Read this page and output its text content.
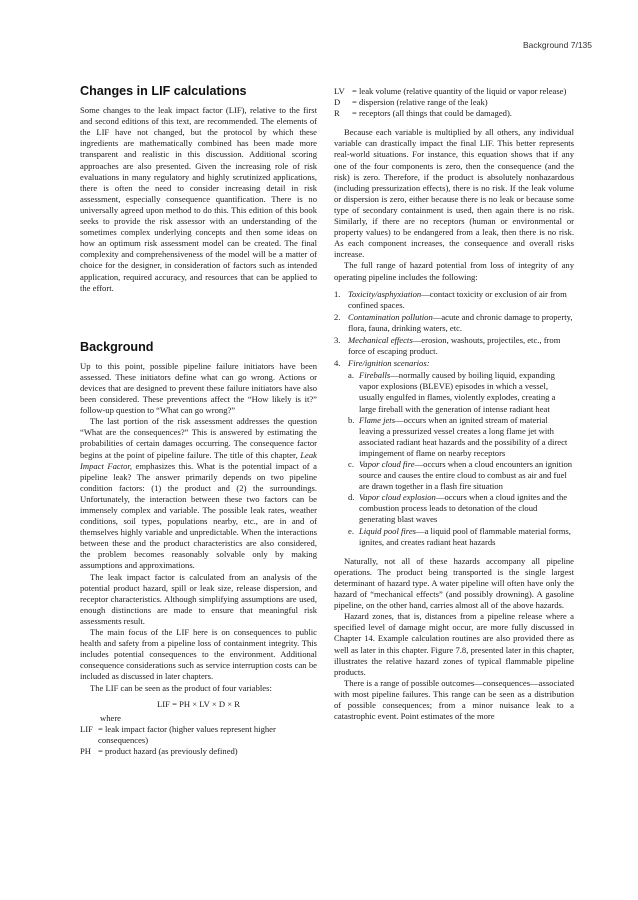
Background 7/135
Changes in LIF calculations

Some changes to the leak impact factor (LIF), relative to the first and second editions of this text, are recommended. The elements of the LIF have not changed, but the protocol by which these ingredients are mathematically combined has been made more transparent and realistic in this discussion. Additional scoring approaches are also presented. Given the increasing role of risk evaluations in many regulatory and highly scrutinized applications, there is often the need to consider increasing detail in risk assessment, especially consequence quantification. There is no universally agreed upon method to do this. This edition of this book seeks to provide the risk assessor with an understanding of the sometimes complex underlying concepts and then some ideas on how an optimum risk assessment model can be created. The final complexity and comprehensiveness of the model will be a matter of choice for the designer, in consideration of factors such as intended application, required accuracy, and resources that can be applied to the effort.

Background

Up to this point, possible pipeline failure initiators have been assessed. These initiators define what can go wrong. Actions or devices that are designed to prevent these failure initiators have also been considered. These preventions affect the “How likely is it?” follow-up question to “What can go wrong?”

The last portion of the risk assessment addresses the question “What are the consequences?” This is answered by estimating the probabilities of certain damages occurring. The consequence factor begins at the point of pipeline failure. The title of this chapter, Leak Impact Factor, emphasizes this. What is the potential impact of a pipeline leak? The answer primarily depends on two pipeline condition factors: (1) the product and (2) the surroundings. Unfortunately, the interaction between these two factors can be immensely complex and variable. The possible leak rates, weather conditions, soil types, populations nearby, etc., are in and of themselves highly variable and unpredictable. When the interactions between these and the product characteristics are also considered, the problem becomes reasonably solvable only by making assumptions and approximations.

The leak impact factor is calculated from an analysis of the potential product hazard, spill or leak size, release dispersion, and receptor characteristics. Although simplifying assumptions are used, enough distinctions are made to ensure that meaningful risk assessments result.

The main focus of the LIF here is on consequences to public health and safety from a pipeline loss of containment integrity. This includes potential consequences to the environment. Additional consequence considerations such as service interruption costs can be included as discussed in later chapters.

The LIF can be seen as the product of four variables:

LIF = PH × LV × D × R
where
LIF = leak impact factor (higher values represent higher consequences)
PH = product hazard (as previously defined)
LV = leak volume (relative quantity of the liquid or vapor release)
D	= dispersion (relative range of the leak)
R	= receptors (all things that could be damaged).

Because each variable is multiplied by all others, any individual variable can drastically impact the final LIF. This better represents real-world situations. For instance, this equation shows that if any one of the four components is zero, then the consequence (and the risk) is zero. Therefore, if the product is absolutely nonhazardous (including pressurization effects), there is no risk. If the leak volume or dispersion is zero, either because there is no leak or because some type of secondary containment is used, then again there is no risk. Similarly, if there are no receptors (human or environmental or property values) to be endangered from a leak, then there is no risk. As each component increases, the consequence and overall risks increase.

The full range of hazard potential from loss of integrity of any operating pipeline includes the following:

1. Toxicity/asphyxiation—contact toxicity or exclusion of air from confined spaces.
2. Contamination pollution—acute and chronic damage to property, flora, fauna, drinking waters, etc.
3. Mechanical effects—erosion, washouts, projectiles, etc., from force of escaping product.
4. Fire/ignition scenarios:
a. Fireballs—normally caused by boiling liquid, expanding vapor explosions (BLEVE) episodes in which a vessel, usually engulfed in flames, violently explodes, creating a large fireball with the generation of intense radiant heat
b. Flame jets—occurs when an ignited stream of material leaving a pressurized vessel creates a long flame jet with associated radiant heat hazards and the possibility of a direct impingement of flame on nearby receptors
c. Vapor cloud fire—occurs when a cloud encounters an ignition source and causes the entire cloud to combust as air and fuel are drawn together in a flash fire situation
d. Vapor cloud explosion—occurs when a cloud ignites and the combustion process leads to detonation of the cloud generating blast waves
e. Liquid pool fires—a liquid pool of flammable material forms, ignites, and creates radiant heat hazards

Naturally, not all of these hazards accompany all pipeline operations. The product being transported is the single largest determinant of hazard type. A water pipeline will often have only the hazard of “mechanical effects” (and possibly drowning). A gasoline pipeline, on the other hand, carries almost all of the above hazards.

Hazard zones, that is, distances from a pipeline release where a specified level of damage might occur, are more fully discussed in Chapter 14. Example calculation routines are also provided there as well as later in this chapter. Figure 7.8, presented later in this chapter, illustrates the relative hazard zones of typical flammable pipeline products.

There is a range of possible outcomes—consequences—associated with most pipeline failures. This range can be seen as a distribution of possible consequences; from a minor nuisance leak to a catastrophic event. Point estimates of the more
